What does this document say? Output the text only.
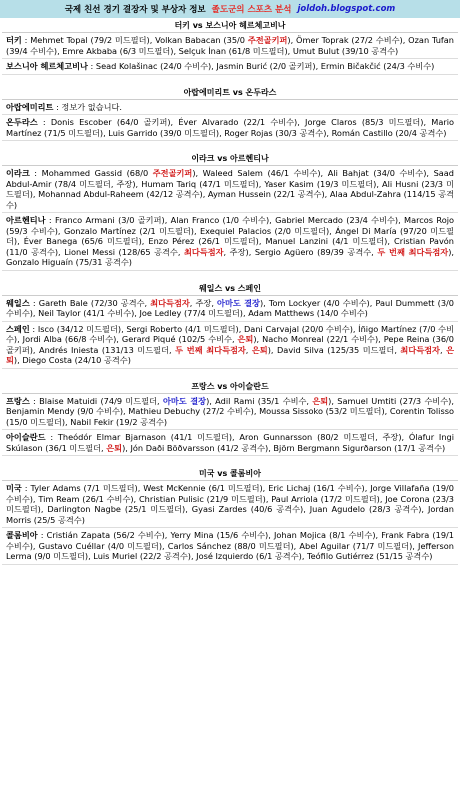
국제 친선 경기 결장자 및 부상자 정보 졸도군의 스포츠 분석 joldoh.blogspot.com
터키 vs 보스니아 헤르체고비나
터키 : Mehmet Topal (79/2 미드필더), Volkan Babacan (35/0 주전골키퍼), Ömer Toprak (27/2 수비수), Ozan Tufan (39/4 수비수), Emre Akbaba (6/3 미드필더), Selçuk İnan (61/8 미드필더), Umut Bulut (39/10 공격수)
보스니아 헤르체고비나 : Sead Kolašinac (24/0 수비수), Jasmin Burić (2/0 골키퍼), Ermin Bičakčić (24/3 수비수)
아랍에미리트 vs 온두라스
아랍에미리트 : 정보가 없습니다.
온두라스 : Donis Escober (64/0 골키퍼), Éver Alvarado (22/1 수비수), Jorge Claros (85/3 미드필더), Mario Martínez (71/5 미드필더), Luis Garrido (39/0 미드필더), Roger Rojas (30/3 공격수), Román Castillo (20/4 공격수)
이라크 vs 아르헨티나
이라크 : Mohammed Gassid (68/0 주전골키퍼), Waleed Salem (46/1 수비수), Ali Bahjat (34/0 수비수), Saad Abdul-Amir (78/4 미드필더, 주장), Humam Tariq (47/1 미드필더), Yaser Kasim (19/3 미드필더), Ali Husni (23/3 미드필더), Mohannad Abdul-Raheem (42/12 공격수), Ayman Hussein (22/1 공격수), Alaa Abdul-Zahra (114/15 공격수)
아르헨티나 : Franco Armani (3/0 골키퍼), Alan Franco (1/0 수비수), Gabriel Mercado (23/4 수비수), Marcos Rojo (59/3 수비수), Gonzalo Martínez (2/1 미드필더), Exequiel Palacios (2/0 미드필더), Ángel Di María (97/20 미드필더), Éver Banega (65/6 미드필더), Enzo Pérez (26/1 미드필더), Manuel Lanzini (4/1 미드필더), Cristian Pavón (11/0 공격수), Lionel Messi (128/65 공격수, 최다득점자, 주장), Sergio Agüero (89/39 공격수, 두 번째 최다득점자), Gonzalo Higuaín (75/31 공격수)
웨일스 vs 스페인
웨일스 : Gareth Bale (72/30 공격수, 최다득점자, 주장, 아마도 결장), Tom Lockyer (4/0 수비수), Paul Dummett (3/0 수비수), Neil Taylor (41/1 수비수), Joe Ledley (77/4 미드필더), Adam Matthews (14/0 수비수)
스페인 : Isco (34/12 미드필더), Sergi Roberto (4/1 미드필더), Dani Carvajal (20/0 수비수), Íñigo Martínez (7/0 수비수), Jordi Alba (66/8 수비수), Gerard Piqué (102/5 수비수, 은퇴), Nacho Monreal (22/1 수비수), Pepe Reina (36/0 골키퍼), Andrés Iniesta (131/13 미드필더, 두 번째 최다득점자, 은퇴), David Silva (125/35 미드필더, 최다득점자, 은퇴), Diego Costa (24/10 공격수)
프랑스 vs 아이슬란드
프랑스 : Blaise Matuidi (74/9 미드필더, 아마도 결장), Adil Rami (35/1 수비수, 은퇴), Samuel Umtiti (27/3 수비수), Benjamin Mendy (9/0 수비수), Mathieu Debuchy (27/2 수비수), Moussa Sissoko (53/2 미드필더), Corentin Tolisso (15/0 미드필더), Nabil Fekir (19/2 공격수)
아이슬란드 : Theódór Elmar Bjarnason (41/1 미드필더), Aron Gunnarsson (80/2 미드필더, 주장), Ólafur Ingi Skúlason (36/1 미드필더, 은퇴), Jón Daði Böðvarsson (41/2 공격수), Björn Bergmann Sigurðarson (17/1 공격수)
미국 vs 콜롬비아
미국 : Tyler Adams (7/1 미드필더), West McKennie (6/1 미드필더), Eric Lichaj (16/1 수비수), Jorge Villafaña (19/0 수비수), Tim Ream (26/1 수비수), Christian Pulisic (21/9 미드필더), Paul Arriola (17/2 미드필더), Joe Corona (23/3 미드필더), Darlington Nagbe (25/1 미드필더), Gyasi Zardes (40/6 공격수), Juan Agudelo (28/3 공격수), Jordan Morris (25/5 공격수)
콜롬비아 : Cristián Zapata (56/2 수비수), Yerry Mina (15/6 수비수), Johan Mojica (8/1 수비수), Frank Fabra (19/1 수비수), Gustavo Cuéllar (4/0 미드필더), Carlos Sánchez (88/0 미드필더), Abel Aguilar (71/7 미드필더), Jefferson Lerma (9/0 미드필더), Luis Muriel (22/2 공격수), José Izquierdo (6/1 공격수), Teófilo Gutiérrez (51/15 공격수)
